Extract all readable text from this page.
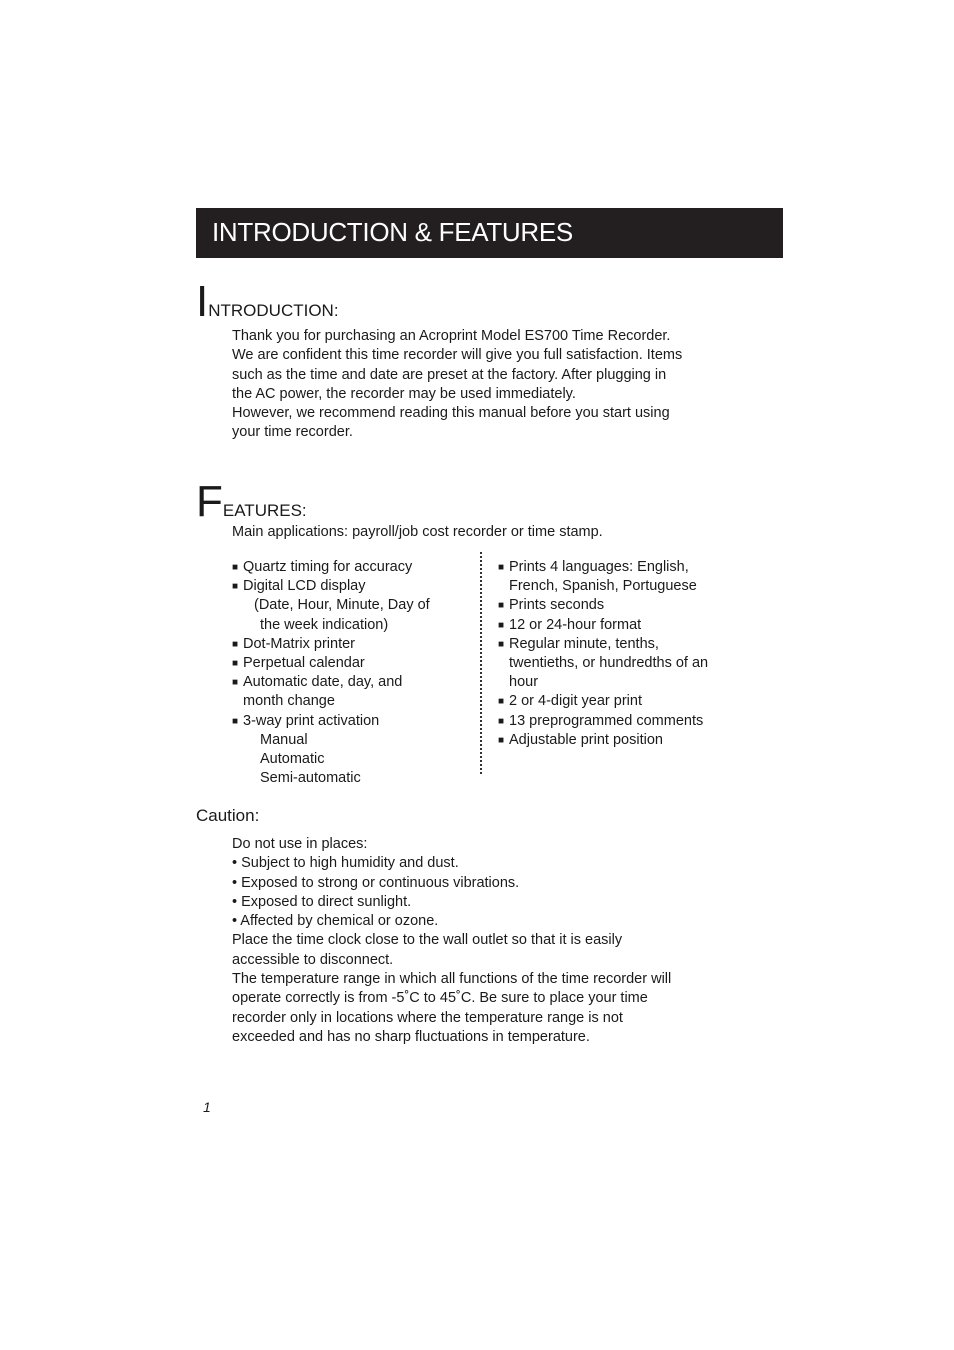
INTRODUCTION & FEATURES
INTRODUCTION:

Thank you for purchasing an Acroprint Model ES700 Time Recorder.

We are confident this time recorder will give you full satisfaction. Items

such as the time and date are preset at the factory. After plugging in

the AC power, the recorder may be used immediately.

However, we recommend reading this manual before you start using

your time recorder.

FEATURES:

Main applications: payroll/job cost recorder or time stamp.

■ Quartz timing for accuracy
■ Digital LCD display
(Date, Hour, Minute, Day of
the week indication)
■ Dot-Matrix printer
■ Perpetual calendar
■ Automatic date, day, and
month change
■ 3-way print activation
Manual
Automatic
Semi-automatic
■ Prints 4 languages: English,
French, Spanish, Portuguese
■ Prints seconds
■ 12 or 24-hour format
■ Regular minute, tenths,
twentieths, or hundredths of an
hour
■ 2 or 4-digit year print
■ 13 preprogrammed comments
■ Adjustable print position
Caution:

Do not use in places:

• Subject to high humidity and dust.

• Exposed to strong or continuous vibrations.

• Exposed to direct sunlight.

• Affected by chemical or ozone.

Place the time clock close to the wall outlet so that it is easily

accessible to disconnect.

The temperature range in which all functions of the time recorder will

operate correctly is from -5˚C to 45˚C. Be sure to place your time

recorder only in locations where the temperature range is not

exceeded and has no sharp fluctuations in temperature.

1
